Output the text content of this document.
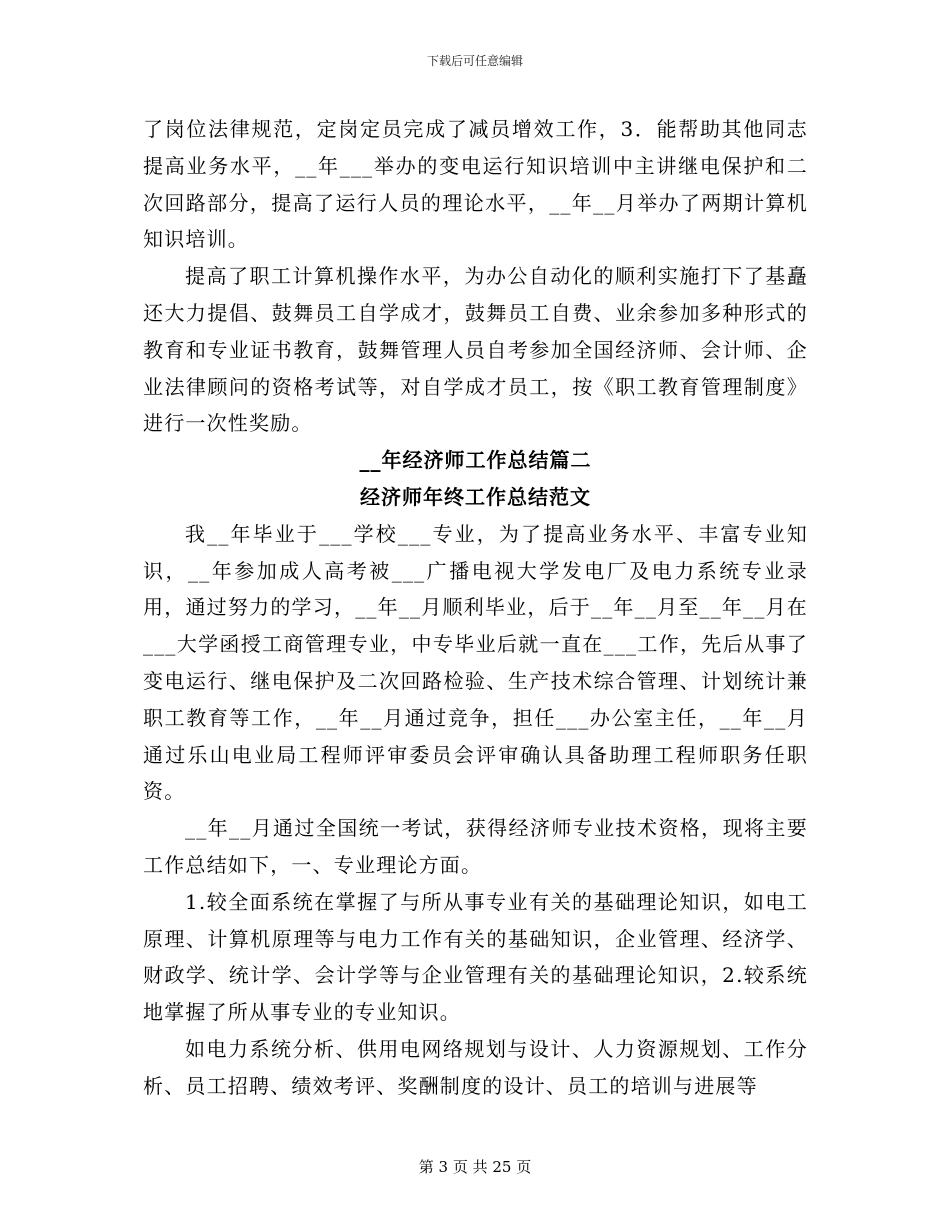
下载后可任意编辑

了岗位法律规范，定岗定员完成了减员增效工作，3．能帮助其他同志提高业务水平，__年___举办的变电运行知识培训中主讲继电保护和二次回路部分，提高了运行人员的理论水平，__年__月举办了两期计算机知识培训。

提高了职工计算机操作水平，为办公自动化的顺利实施打下了基矗还大力提倡、鼓舞员工自学成才，鼓舞员工自费、业余参加多种形式的教育和专业证书教育，鼓舞管理人员自考参加全国经济师、会计师、企业法律顾问的资格考试等，对自学成才员工，按《职工教育管理制度》进行一次性奖励。

__年经济师工作总结篇二

经济师年终工作总结范文

我__年毕业于___学校___专业，为了提高业务水平、丰富专业知识，__年参加成人高考被___广播电视大学发电厂及电力系统专业录用，通过努力的学习，__年__月顺利毕业，后于__年__月至__年__月在___大学函授工商管理专业，中专毕业后就一直在___工作，先后从事了变电运行、继电保护及二次回路检验、生产技术综合管理、计划统计兼职工教育等工作，__年__月通过竞争，担任___办公室主任，__年__月通过乐山电业局工程师评审委员会评审确认具备助理工程师职务任职资。

__年__月通过全国统一考试，获得经济师专业技术资格，现将主要工作总结如下，一、专业理论方面。

1.较全面系统在掌握了与所从事专业有关的基础理论知识，如电工原理、计算机原理等与电力工作有关的基础知识，企业管理、经济学、财政学、统计学、会计学等与企业管理有关的基础理论知识，2.较系统地掌握了所从事专业的专业知识。

如电力系统分析、供用电网络规划与设计、人力资源规划、工作分析、员工招聘、绩效考评、奖酬制度的设计、员工的培训与进展等

第 3 页 共 25 页
